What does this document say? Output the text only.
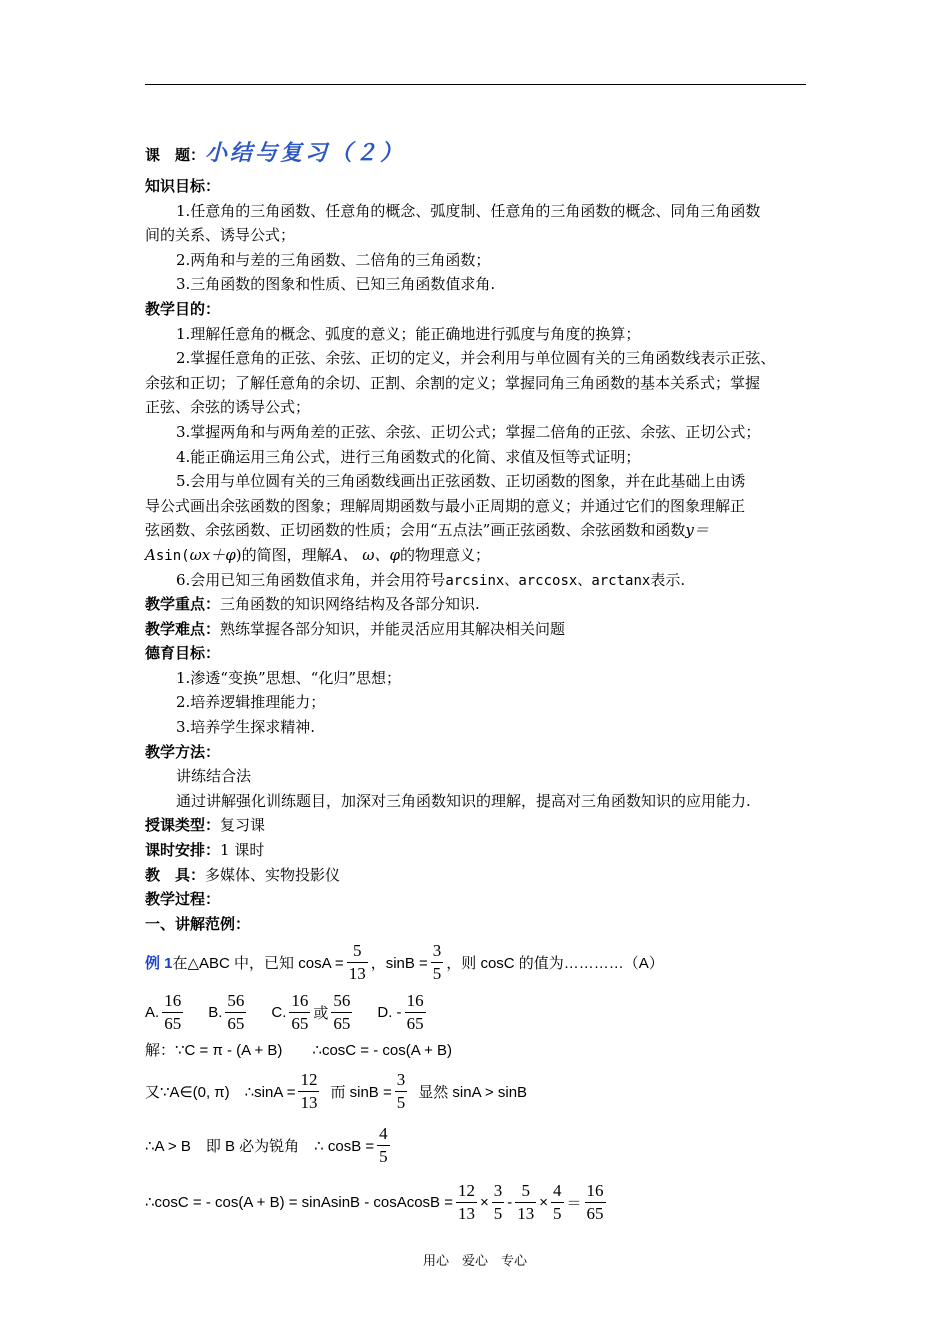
课　题：小结与复习（２）
知识目标：
1.任意角的三角函数、任意角的概念、弧度制、任意角的三角函数的概念、同角三角函数
间的关系、诱导公式；
2.两角和与差的三角函数、二倍角的三角函数；
3.三角函数的图象和性质、已知三角函数值求角.
教学目的：
1.理解任意角的概念、弧度的意义；能正确地进行弧度与角度的换算；
2.掌握任意角的正弦、余弦、正切的定义，并会利用与单位圆有关的三角函数线表示正弦、
余弦和正切；了解任意角的余切、正割、余割的定义；掌握同角三角函数的基本关系式；掌握
正弦、余弦的诱导公式；
3.掌握两角和与两角差的正弦、余弦、正切公式；掌握二倍角的正弦、余弦、正切公式；
4.能正确运用三角公式，进行三角函数式的化简、求值及恒等式证明；
5.会用与单位圆有关的三角函数线画出正弦函数、正切函数的图象，并在此基础上由诱
导公式画出余弦函数的图象；理解周期函数与最小正周期的意义；并通过它们的图象理解正
弦函数、余弦函数、正切函数的性质；会用“五点法”画正弦函数、余弦函数和函数y＝
Asin(ωx＋φ)的简图，理解A、 ω、φ的物理意义；
6.会用已知三角函数值求角，并会用符号arcsinx、arccosx、arctanx表示.
教学重点：三角函数的知识网络结构及各部分知识.
教学难点：熟练掌握各部分知识，并能灵活应用其解决相关问题
德育目标：
1.渗透“变换”思想、“化归”思想；
2.培养逻辑推理能力；
3.培养学生探求精神.
教学方法：
讲练结合法
通过讲解强化训练题目，加深对三角函数知识的理解，提高对三角函数知识的应用能力.
授课类型：复习课
课时安排：1 课时
教　具：多媒体、实物投影仪
教学过程：
一、讲解范例：
例 1 在△ABC 中，已知 $\cos A = \frac{5}{13}$ ，$\sin B = \frac{3}{5}$ ，则 cosC 的值为…………（A）
A. $\frac{16}{65} B$. $\frac{56}{65} C$. $\frac{16}{65}$ 或 $\frac{56}{65} D$. - $\frac{16}{65}$
解：∵C = π - (A + B)　　∴cosC = - cos(A + B)
又∵A∈(0, π)　∴sinA = $\frac{12}{13}$ 而 $\sin B = \frac{3}{5}$ 显然 sinA > sinB
∴A > B　即 B 必为锐角　∴ $\cos B = \frac{4}{5}$
∴cosC = - cos(A + B) = sinAsinB - cosAcosB = $\frac{12}{13} \times \frac{3}{5} - \frac{5}{13} \times \frac{4}{5} = \frac{16}{65}$
用心　爱心　专心
